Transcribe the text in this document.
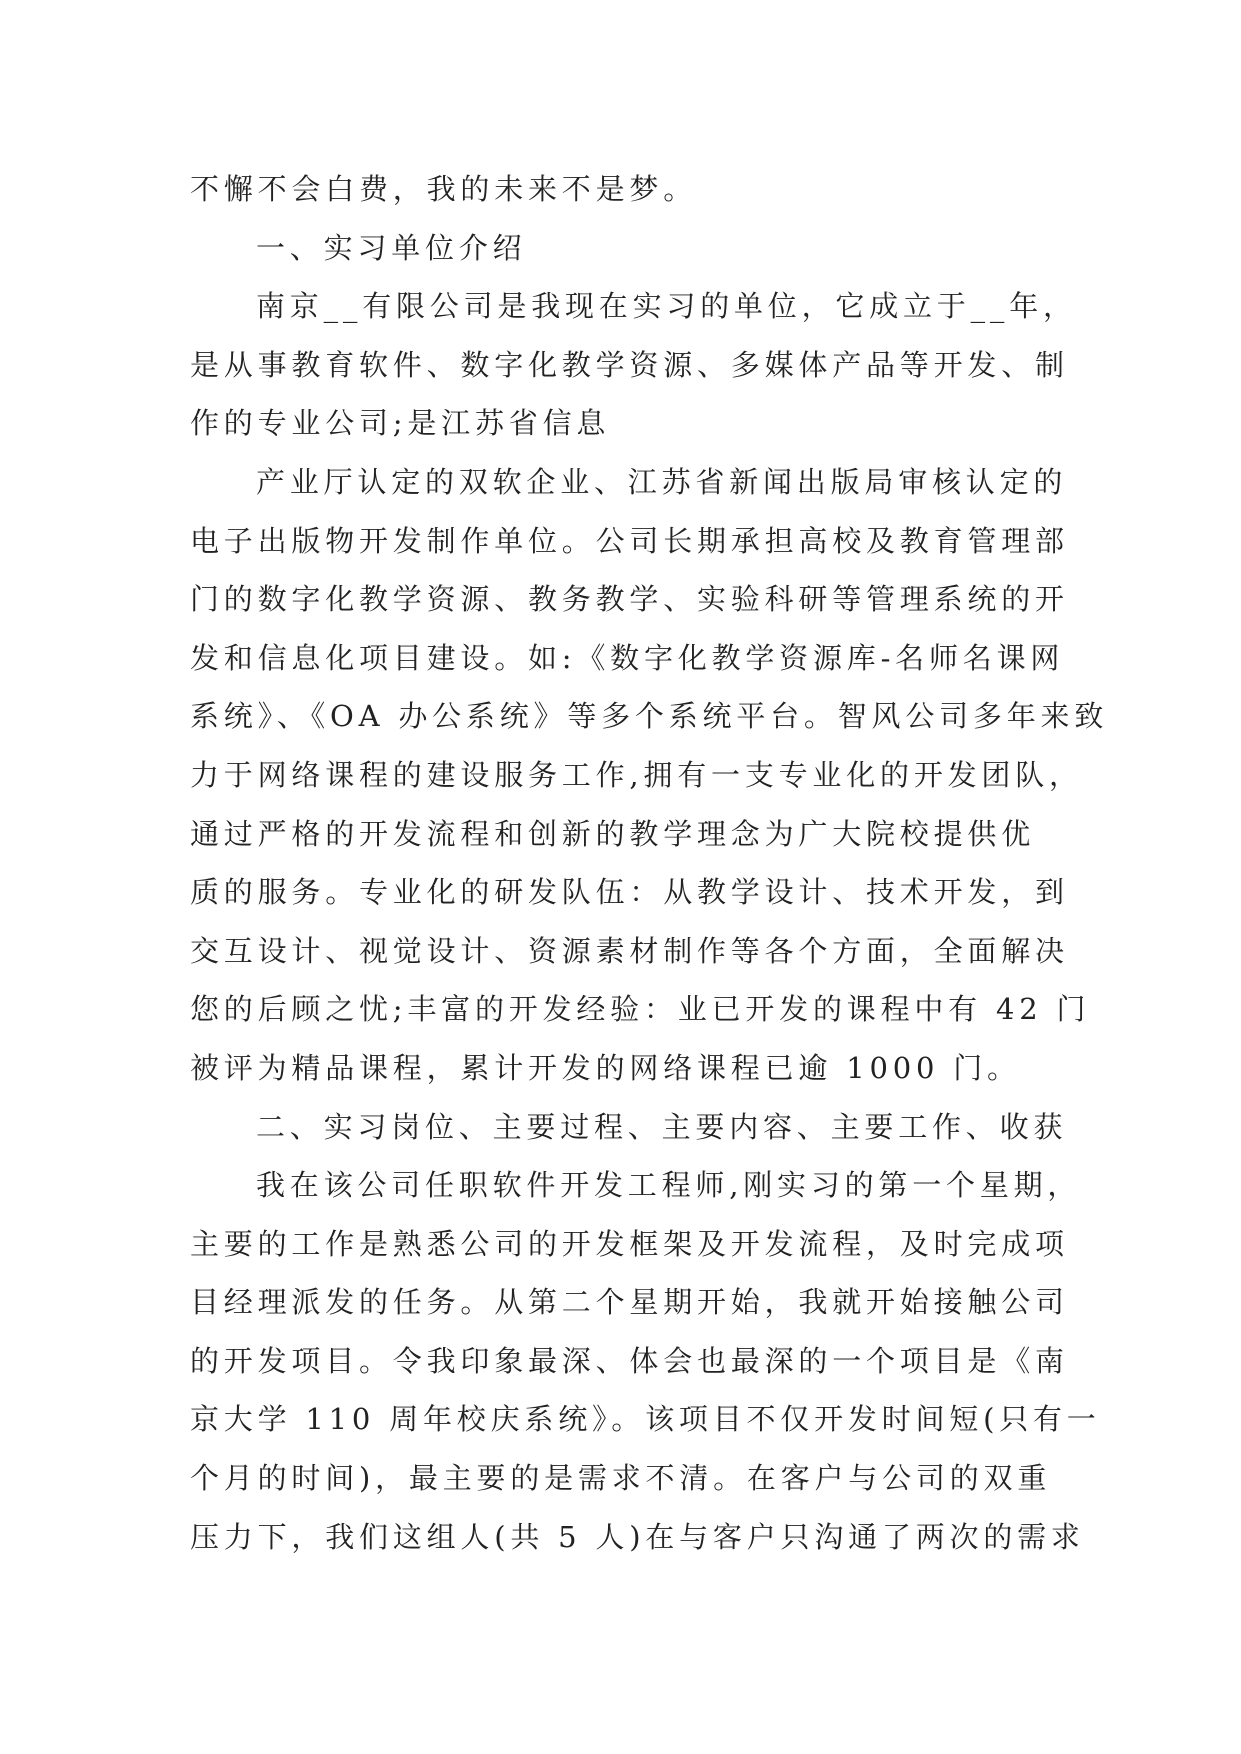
不懈不会白费，我的未来不是梦。
一、实习单位介绍
南京__有限公司是我现在实习的单位，它成立于__年，
是从事教育软件、数字化教学资源、多媒体产品等开发、制
作的专业公司;是江苏省信息
产业厅认定的双软企业、江苏省新闻出版局审核认定的
电子出版物开发制作单位。公司长期承担高校及教育管理部
门的数字化教学资源、教务教学、实验科研等管理系统的开
发和信息化项目建设。如:《数字化教学资源库-名师名课网
系统》、《OA 办公系统》等多个系统平台。智风公司多年来致
力于网络课程的建设服务工作,拥有一支专业化的开发团队，
通过严格的开发流程和创新的教学理念为广大院校提供优
质的服务。专业化的研发队伍：从教学设计、技术开发，到
交互设计、视觉设计、资源素材制作等各个方面，全面解决
您的后顾之忧;丰富的开发经验：业已开发的课程中有 42 门
被评为精品课程，累计开发的网络课程已逾 1000 门。
二、实习岗位、主要过程、主要内容、主要工作、收获
我在该公司任职软件开发工程师,刚实习的第一个星期，
主要的工作是熟悉公司的开发框架及开发流程，及时完成项
目经理派发的任务。从第二个星期开始，我就开始接触公司
的开发项目。令我印象最深、体会也最深的一个项目是《南
京大学 110 周年校庆系统》。该项目不仅开发时间短(只有一
个月的时间)，最主要的是需求不清。在客户与公司的双重
压力下，我们这组人(共 5 人)在与客户只沟通了两次的需求
